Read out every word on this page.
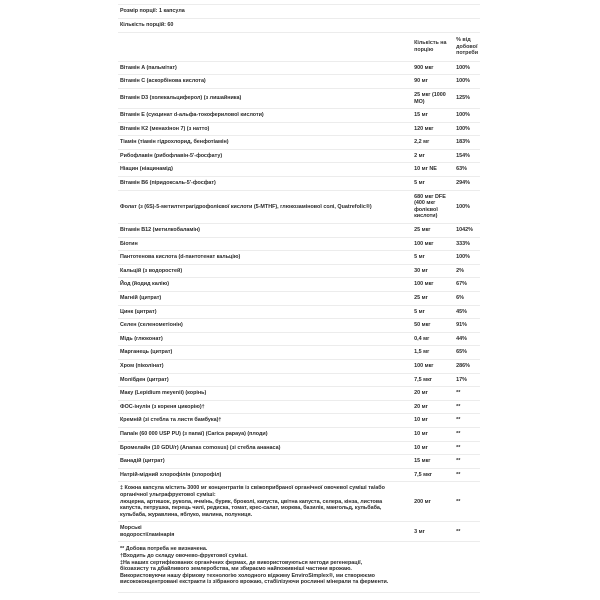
Розмір порції: 1 капсула		
Кількість порцій: 60		
	Кількість на порцію	% від добової потреби
Вітамін A (пальмітат)	900 мкг	100%
Вітамін C (аскорбінова кислота)	90 мг	100%
Вітамін D3 (холекальциферол) (з лишайника)	25 мкг (1000 МО)	125%
Вітамін E (сукцинат d-альфа-токоферилової кислоти)	15 мг	100%
Вітамін K2 (менахінон 7) (з натто)	120 мкг	100%
Тіамін (тіамін гідрохлорид, бенфотіамін)	2,2 мг	183%
Рибофлавін (рибофлавін-5'-фосфату)	2 мг	154%
Ніацин (ніацинамід)	10 мг NE	63%
Вітамін B6 (піридоксаль-5'-фосфат)	5 мг	294%
Фолат (з (6S)-5-метилтетрагідрофолієвої кислоти (5-MTHF), глюкозамінової солі, Quatrefolic®)	680 мкг DFE (400 мкг фолієвої кислоти)	100%
Вітамін B12 (метилкобаламін)	25 мкг	1042%
Біотин	100 мкг	333%
Пантотенова кислота (d-пантотенат кальцію)	5 мг	100%
Кальцій (з водоростей)	30 мг	2%
Йод (йодид калію)	100 мкг	67%
Магній (цитрат)	25 мг	6%
Цинк (цитрат)	5 мг	45%
Селен (селенометіонін)	50 мкг	91%
Мідь (глюконат)	0,4 мг	44%
Марганець (цитрат)	1,5 мг	65%
Хром (піколінат)	100 мкг	286%
Молібден (цитрат)	7,5 мкг	17%
Маку (Lepidium meyenii) (корінь)	20 мг	**
ФОС-інулін (з кореня цикорію)†	20 мг	**
Кремній (зі стебла та листя бамбука)†	10 мг	**
Папаїн (60 000 USP PU) (з папаї) (Carica papaya) (плоди)	10 мг	**
Бромелайн (10 GDU/г) (Ananas comosus) (зі стебла ананаса)	10 мг	**
Ванадій (цитрат)	15 мкг	**
Натрій-мідний хлорофілін (хлорофіл)	7,5 мкг	**

‡ Кожна капсула містить 3000 мг концентратів із свіжоприбраної органічної овочевої суміші та/або
органічної ультрафруктової суміші:
люцерна, артишок, рукола, ячмінь, буряк, броколі, капуста, цвітна капуста, селера, кінза, листова
капуста, петрушка, перець чилі, редиска, томат, крес-салат, морква, базилік, мангольд, кульбаба,
кульбаба, журавлина, яблуко, малина, полуниця.	200 мг	**

Морські
водорості/ламінарія	3 мг	**
** Добова потреба не визначена.
†Входить до складу овочево-фруктової суміші.
‡На наших сертифікованих органічних фермах, де використовуються методи регенерації,
біозахисту та дбайливого землеробства, ми збираємо найпоживніші частини врожаю.
Використовуючи нашу фірмову технологію холодного віджиму EnviroSimplex®, ми створюємо
висококонцентровані екстракти із зібраного врожаю, стабілізуючи рослинні мінерали та ферменти.
